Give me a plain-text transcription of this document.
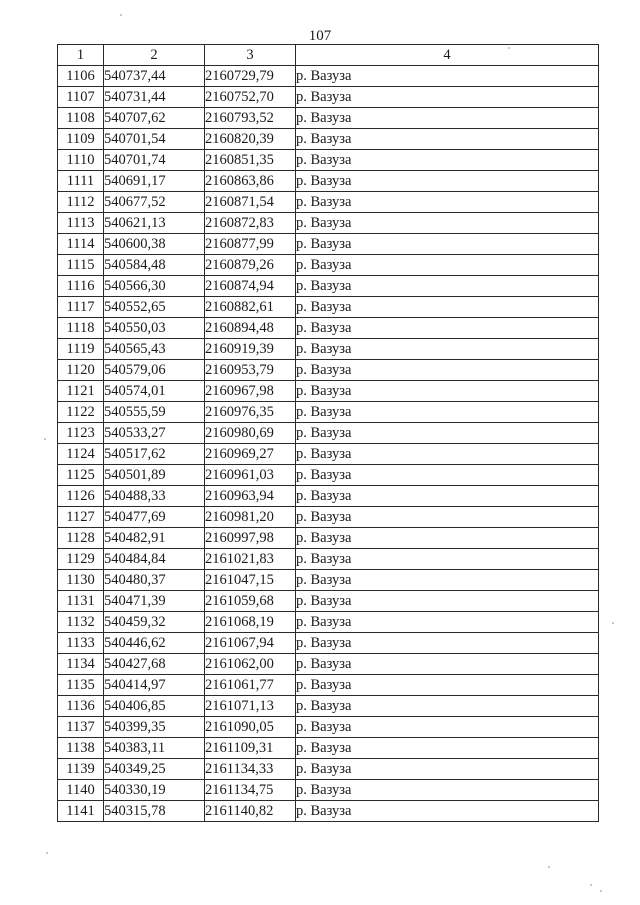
107
1	2	3	4
1106	540737,44	2160729,79	р. Вазуза
1107	540731,44	2160752,70	р. Вазуза
1108	540707,62	2160793,52	р. Вазуза
1109	540701,54	2160820,39	р. Вазуза
1110	540701,74	2160851,35	р. Вазуза
1111	540691,17	2160863,86	р. Вазуза
1112	540677,52	2160871,54	р. Вазуза
1113	540621,13	2160872,83	р. Вазуза
1114	540600,38	2160877,99	р. Вазуза
1115	540584,48	2160879,26	р. Вазуза
1116	540566,30	2160874,94	р. Вазуза
1117	540552,65	2160882,61	р. Вазуза
1118	540550,03	2160894,48	р. Вазуза
1119	540565,43	2160919,39	р. Вазуза
1120	540579,06	2160953,79	р. Вазуза
1121	540574,01	2160967,98	р. Вазуза
1122	540555,59	2160976,35	р. Вазуза
1123	540533,27	2160980,69	р. Вазуза
1124	540517,62	2160969,27	р. Вазуза
1125	540501,89	2160961,03	р. Вазуза
1126	540488,33	2160963,94	р. Вазуза
1127	540477,69	2160981,20	р. Вазуза
1128	540482,91	2160997,98	р. Вазуза
1129	540484,84	2161021,83	р. Вазуза
1130	540480,37	2161047,15	р. Вазуза
1131	540471,39	2161059,68	р. Вазуза
1132	540459,32	2161068,19	р. Вазуза
1133	540446,62	2161067,94	р. Вазуза
1134	540427,68	2161062,00	р. Вазуза
1135	540414,97	2161061,77	р. Вазуза
1136	540406,85	2161071,13	р. Вазуза
1137	540399,35	2161090,05	р. Вазуза
1138	540383,11	2161109,31	р. Вазуза
1139	540349,25	2161134,33	р. Вазуза
1140	540330,19	2161134,75	р. Вазуза
1141	540315,78	2161140,82	р. Вазуза
